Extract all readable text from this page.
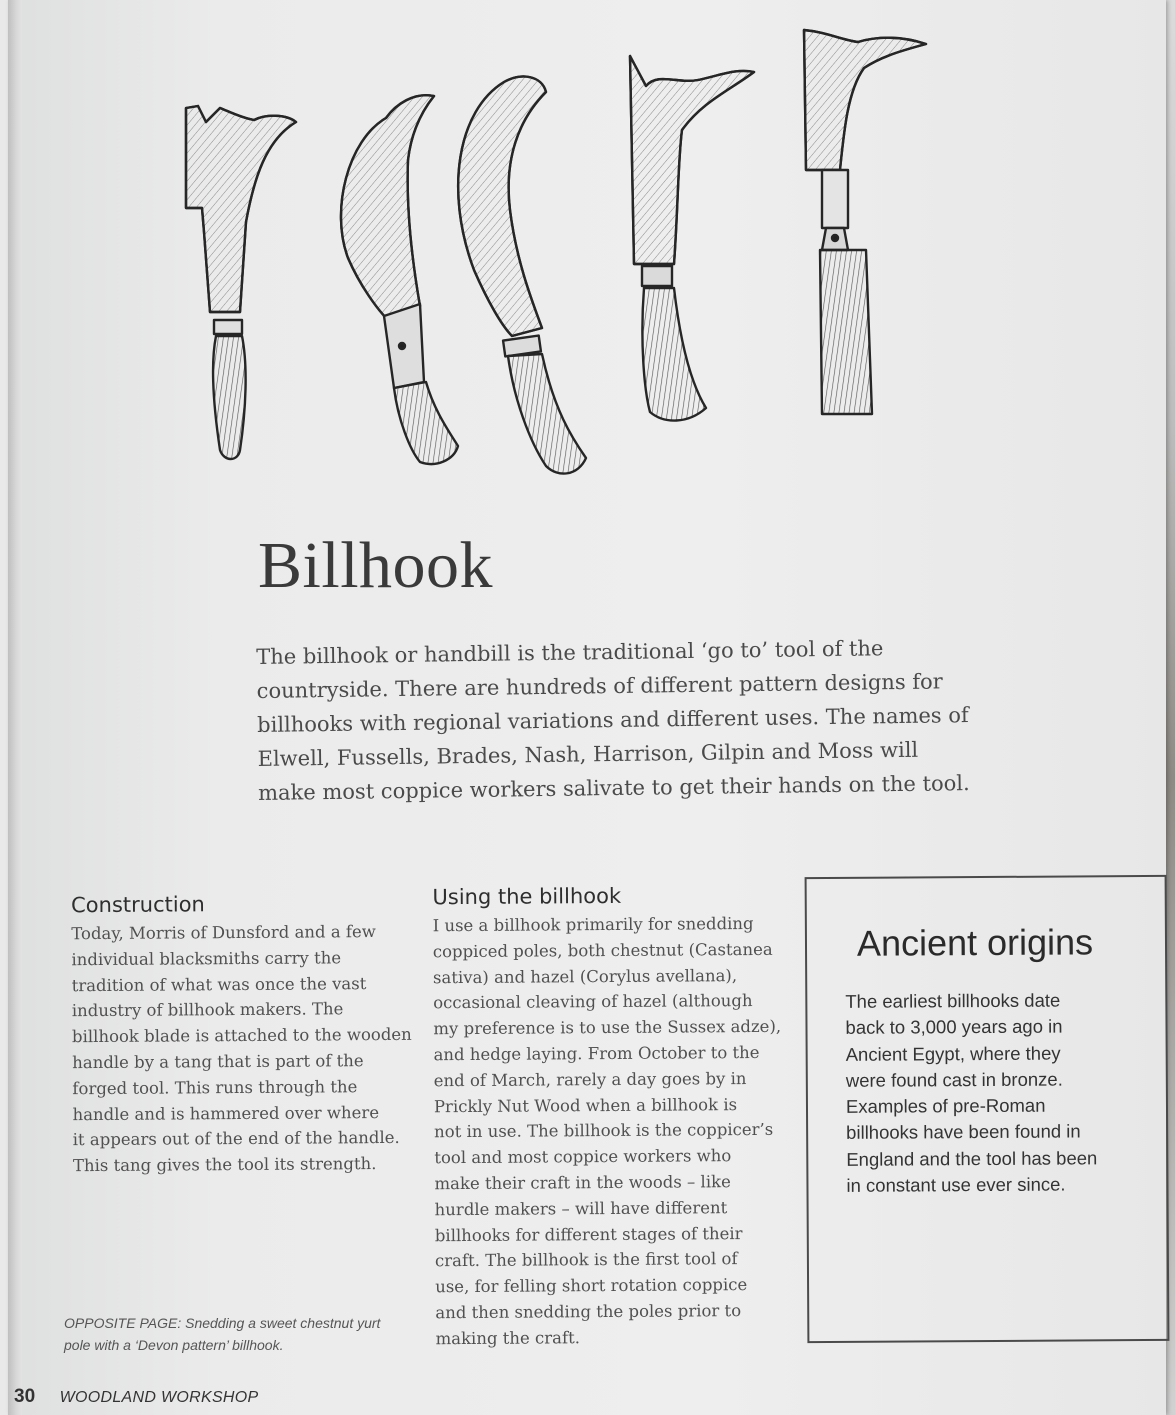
Billhook
The billhook or handbill is the traditional ‘go to’ tool of the countryside. There are hundreds of different pattern designs for billhooks with regional variations and different uses. The names of Elwell, Fussells, Brades, Nash, Harrison, Gilpin and Moss will make most coppice workers salivate to get their hands on the tool.
Construction
Today, Morris of Dunsford and a few
individual blacksmiths carry the
tradition of what was once the vast
industry of billhook makers. The
billhook blade is attached to the wooden
handle by a tang that is part of the
forged tool. This runs through the
handle and is hammered over where
it appears out of the end of the handle.
This tang gives the tool its strength.
Using the billhook
I use a billhook primarily for snedding
coppiced poles, both chestnut (Castanea
sativa) and hazel (Corylus avellana),
occasional cleaving of hazel (although
my preference is to use the Sussex adze),
and hedge laying. From October to the
end of March, rarely a day goes by in
Prickly Nut Wood when a billhook is
not in use. The billhook is the coppicer’s
tool and most coppice workers who
make their craft in the woods – like
hurdle makers – will have different
billhooks for different stages of their
craft. The billhook is the first tool of
use, for felling short rotation coppice
and then snedding the poles prior to
making the craft.
Ancient origins
The earliest billhooks date
back to 3,000 years ago in
Ancient Egypt, where they
were found cast in bronze.
Examples of pre-Roman
billhooks have been found in
England and the tool has been
in constant use ever since.
OPPOSITE PAGE: Snedding a sweet chestnut yurt
pole with a ‘Devon pattern’ billhook.
30 WOODLAND WORKSHOP
